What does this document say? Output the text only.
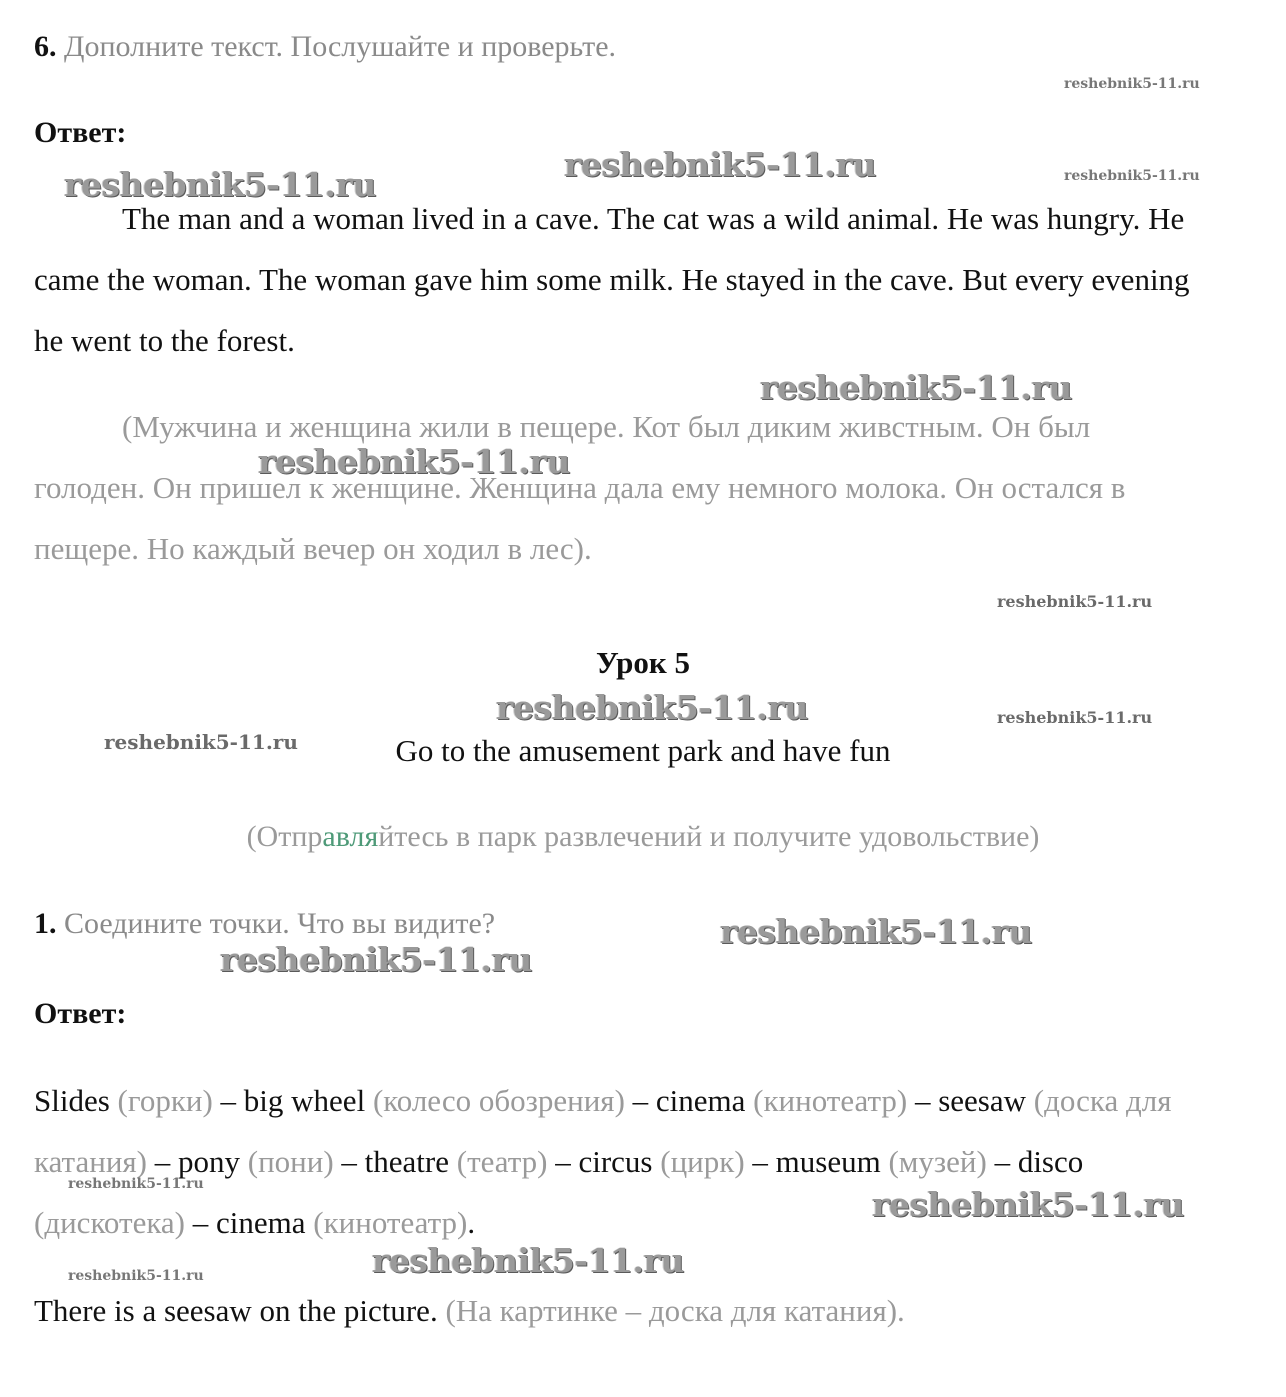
6. Дополните текст. Послушайте и проверьте.
Ответ:
The man and a woman lived in a cave. The cat was a wild animal. He was hungry. He came the woman. The woman gave him some milk. He stayed in the cave. But every evening he went to the forest.
(Мужчина и женщина жили в пещере. Кот был диким живстным. Он был голоден. Он пришел к женщине. Женщина дала ему немного молока. Он остался в пещере. Но каждый вечер он ходил в лес).
Урок 5
Go to the amusement park and have fun
(Отправляйтесь в парк развлечений и получите удовольствие)
1. Соедините точки. Что вы видите?
Ответ:
Slides (горки) – big wheel (колесо обозрения) – cinema (кинотеатр) – seesaw (доска для катания) – pony (пони) – theatre (театр) – circus (цирк) – museum (музей) – disco (дискотека) – cinema (кинотеатр).
There is a seesaw on the picture. (На картинке – доска для катания).
reshebnik5-11.ru
reshebnik5-11.ru
reshebnik5-11.ru	reshebnik5-11.ru
reshebnik5-11.ru
reshebnik5-11.ru
reshebnik5-11.ru
reshebnik5-11.ru	reshebnik5-11.ru
reshebnik5-11.ru
reshebnik5-11.ru
reshebnik5-11.ru
reshebnik5-11.ru
reshebnik5-11.ru
reshebnik5-11.ru
reshebnik5-11.ru
